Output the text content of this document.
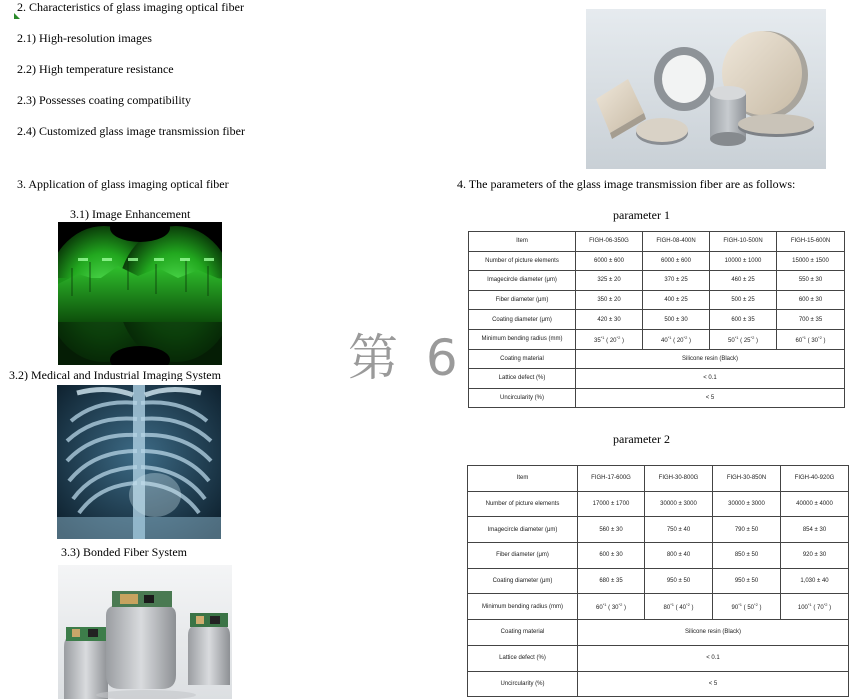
2. Characteristics of glass imaging optical fiber
2.1) High-resolution images
2.2) High temperature resistance
2.3) Possesses coating compatibility
2.4) Customized glass image transmission fiber
3. Application of glass imaging optical fiber
3.1) Image Enhancement
3.2) Medical and Industrial Imaging System
3.3) Bonded Fiber System
第 6
4. The parameters of the glass image transmission fiber are as follows:
parameter 1
Item	FIGH-06-350G	FIGH-08-400N	FIGH-10-500N	FIGH-15-600N
Number of picture elements	6000 ± 600	6000 ± 600	10000 ± 1000	15000 ± 1500
Imagecircle diameter (μm)	325 ± 20	370 ± 25	460 ± 25	550 ± 30
Fiber diameter (μm)	350 ± 20	400 ± 25	500 ± 25	600 ± 30
Coating diameter (μm)	420 ± 30	500 ± 30	600 ± 35	700 ± 35
Minimum bending radius (mm)	35$^{*1}$ ( 20$^{*2}$ )	40$^{*1}$ ( 20$^{*2}$ )	50$^{*1}$ ( 25$^{*2}$ )	60$^{*1}$ ( 30$^{*2}$ )
Coating material	Silicone resin (Black)			
Lattice defect (%)	< 0.1			
Uncircularity (%)	< 5			
parameter 2
Item	FIGH-17-600G	FIGH-30-800G	FIGH-30-850N	FIGH-40-920G
Number of picture elements	17000 ± 1700	30000 ± 3000	30000 ± 3000	40000 ± 4000
Imagecircle diameter (μm)	560 ± 30	750 ± 40	790 ± 50	854 ± 30
Fiber diameter (μm)	600 ± 30	800 ± 40	850 ± 50	920 ± 30
Coating diameter (μm)	680 ± 35	950 ± 50	950 ± 50	1,030 ± 40
Minimum bending radius (mm)	60$^{*1}$ ( 30$^{*2}$ )	80$^{*1}$ ( 40$^{*2}$ )	90$^{*1}$ ( 50$^{*2}$ )	100$^{*1}$ ( 70$^{*2}$ )
Coating material	Silicone resin (Black)			
Lattice defect (%)	< 0.1			
Uncircularity (%)	< 5			
